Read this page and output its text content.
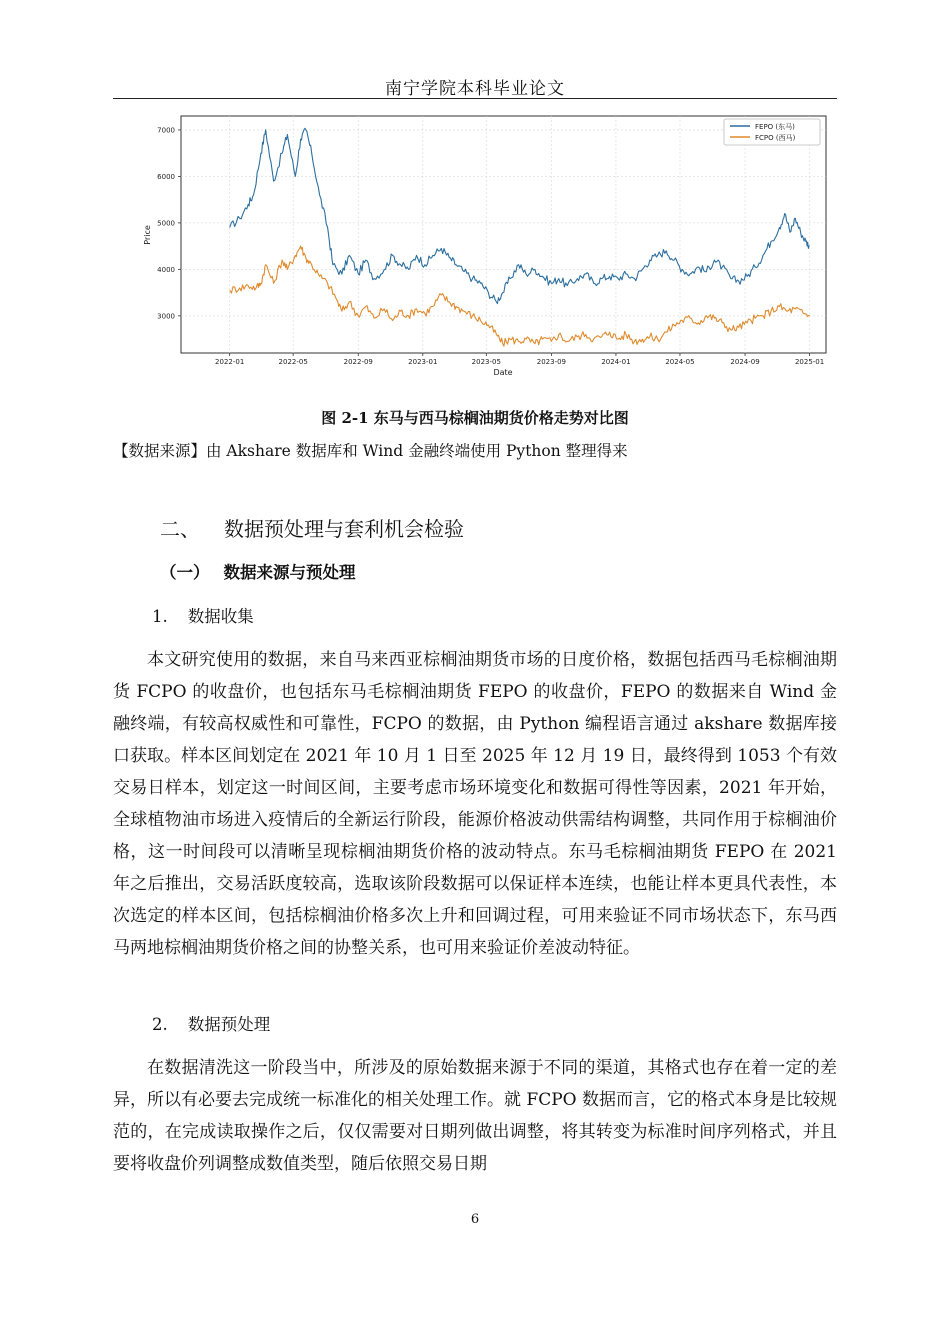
南宁学院本科毕业论文
2022-01	2022-05	2022-09	2023-01	2023-05	2023-09	2024-01	2024-05	2024-09	2025-01
3000
4000
5000
6000
7000
Date
Price
FEPO (东马)
FCPO (西马)
图 2-1 东马与西马棕榈油期货价格走势对比图
【数据来源】由 Akshare 数据库和 Wind 金融终端使用 Python 整理得来
二、 数据预处理与套利机会检验
（一） 数据来源与预处理
1. 数据收集

本文研究使用的数据，来自马来西亚棕榈油期货市场的日度价格，数据包括西马毛棕榈油期货 FCPO 的收盘价，也包括东马毛棕榈油期货 FEPO 的收盘价，FEPO 的数据来自 Wind 金融终端，有较高权威性和可靠性，FCPO 的数据，由 Python 编程语言通过 akshare 数据库接口获取。样本区间划定在 2021 年 10 月 1 日至 2025 年 12 月 19 日，最终得到 1053 个有效交易日样本，划定这一时间区间，主要考虑市场环境变化和数据可得性等因素，2021 年开始，全球植物油市场进入疫情后的全新运行阶段，能源价格波动供需结构调整，共同作用于棕榈油价格，这一时间段可以清晰呈现棕榈油期货价格的波动特点。东马毛棕榈油期货 FEPO 在 2021 年之后推出，交易活跃度较高，选取该阶段数据可以保证样本连续，也能让样本更具代表性，本次选定的样本区间，包括棕榈油价格多次上升和回调过程，可用来验证不同市场状态下，东马西马两地棕榈油期货价格之间的协整关系，也可用来验证价差波动特征。

2. 数据预处理

在数据清洗这一阶段当中，所涉及的原始数据来源于不同的渠道，其格式也存在着一定的差异，所以有必要去完成统一标准化的相关处理工作。就 FCPO 数据而言，它的格式本身是比较规范的，在完成读取操作之后，仅仅需要对日期列做出调整，将其转变为标准时间序列格式，并且要将收盘价列调整成数值类型，随后依照交易日期

6
